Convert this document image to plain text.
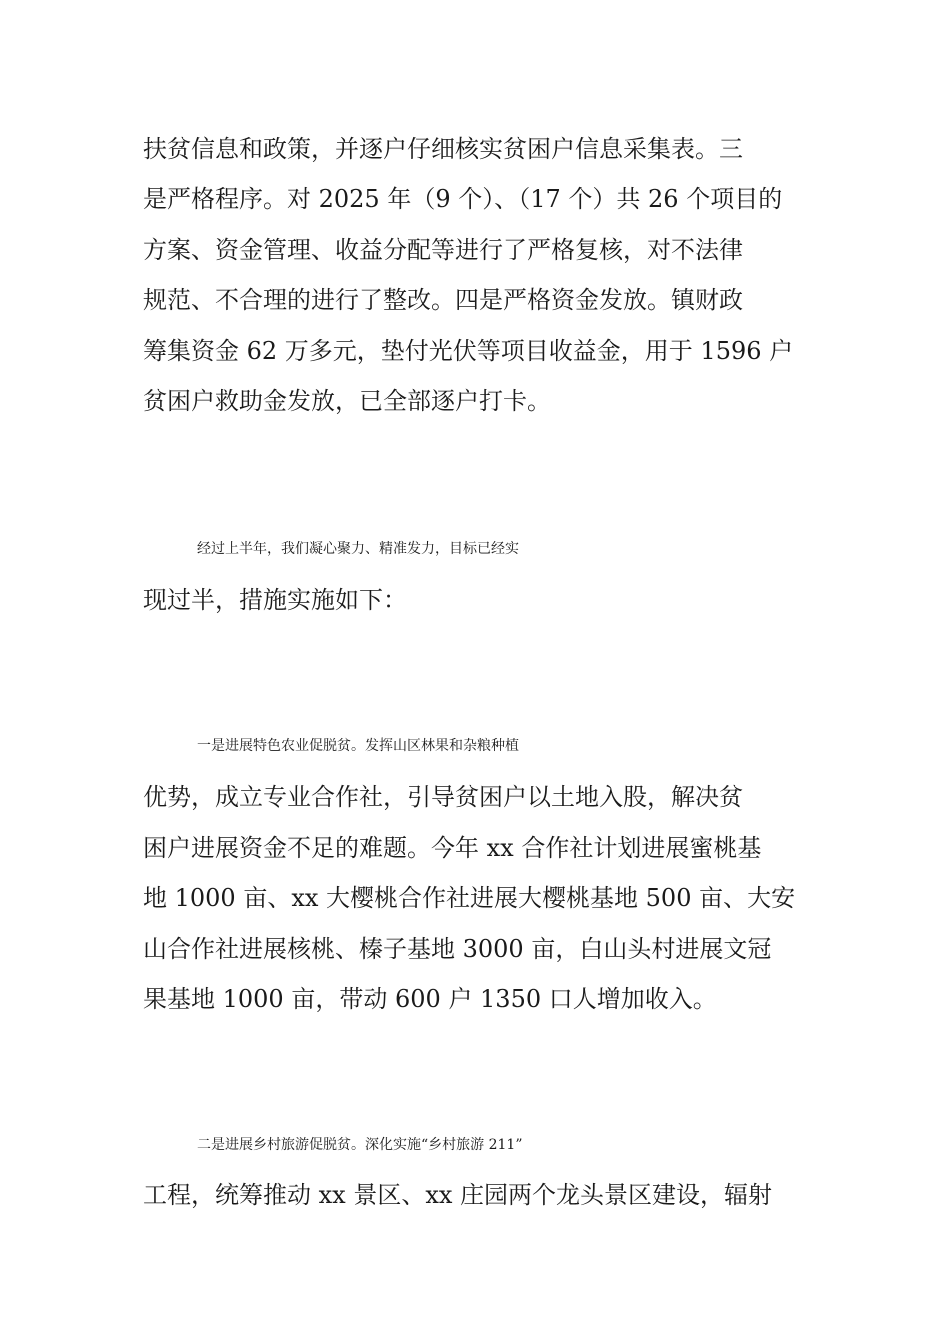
扶贫信息和政策，并逐户仔细核实贫困户信息采集表。三
是严格程序。对 2025 年（9 个）、（17 个）共 26 个项目的
方案、资金管理、收益分配等进行了严格复核，对不法律
规范、不合理的进行了整改。四是严格资金发放。镇财政
筹集资金 62 万多元，垫付光伏等项目收益金，用于 1596 户
贫困户救助金发放，已全部逐户打卡。
经过上半年，我们凝心聚力、精准发力，目标已经实
现过半，措施实施如下：
一是进展特色农业促脱贫。发挥山区林果和杂粮种植
优势，成立专业合作社，引导贫困户以土地入股，解决贫
困户进展资金不足的难题。今年 xx 合作社计划进展蜜桃基
地 1000 亩、xx 大樱桃合作社进展大樱桃基地 500 亩、大安
山合作社进展核桃、榛子基地 3000 亩，白山头村进展文冠
果基地 1000 亩，带动 600 户 1350 口人增加收入。
二是进展乡村旅游促脱贫。深化实施“乡村旅游 211”
工程，统筹推动 xx 景区、xx 庄园两个龙头景区建设，辐射
